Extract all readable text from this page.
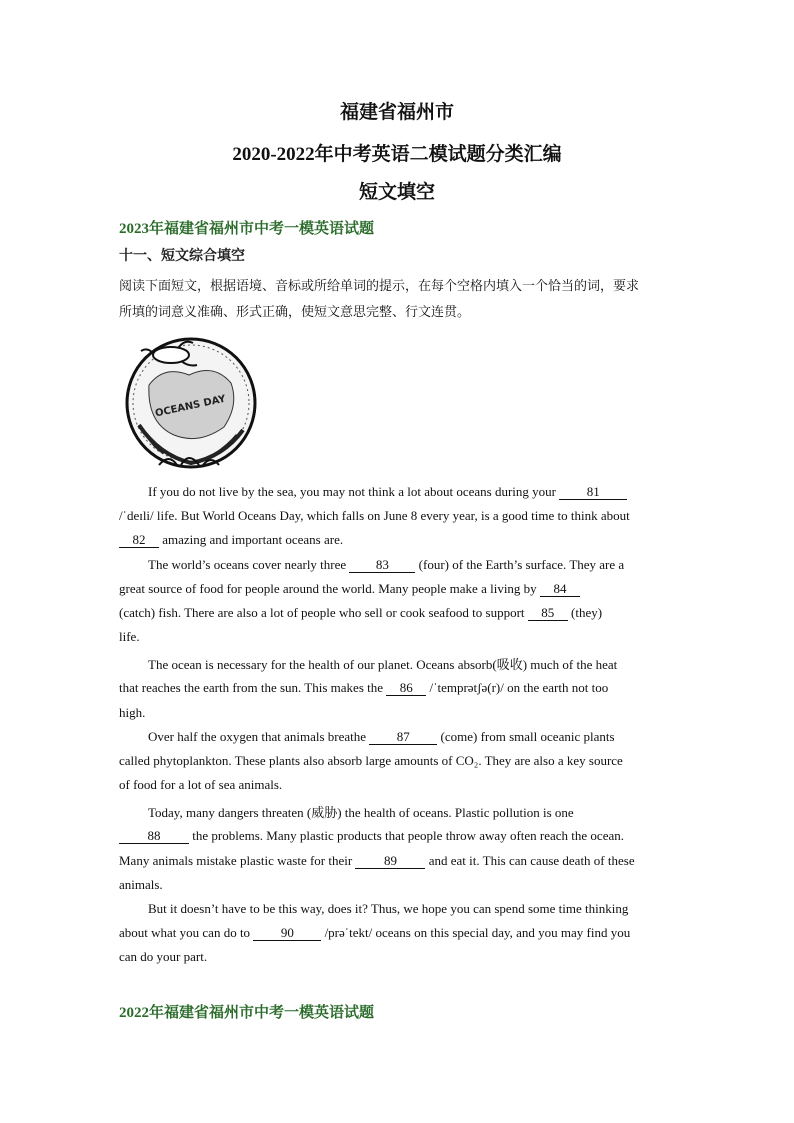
福建省福州市
2020-2022年中考英语二模试题分类汇编
短文填空
2023年福建省福州市中考一模英语试题
十一、短文综合填空
阅读下面短文，根据语境、音标或所给单词的提示，在每个空格内填入一个恰当的词，要求
所填的词意义准确、形式正确，使短文意思完整、行文连贯。
OCEANS DAY
If you do not live by the sea, you may not think a lot about oceans during your 81
/ˈdeɪli/ life. But World Oceans Day, which falls on June 8 every year, is a good time to think about
82 amazing and important oceans are.
The world’s oceans cover nearly three 83 (four) of the Earth’s surface. They are a
great source of food for people around the world. Many people make a living by 84
(catch) fish. There are also a lot of people who sell or cook seafood to support 85 (they)
life.
The ocean is necessary for the health of our planet. Oceans absorb(吸收) much of the heat
that reaches the earth from the sun. This makes the 86 /ˈtemprətʃə(r)/ on the earth not too
high.
Over half the oxygen that animals breathe 87 (come) from small oceanic plants
called phytoplankton. These plants also absorb large amounts of CO₂. They are also a key source
of food for a lot of sea animals.
Today, many dangers threaten (威胁) the health of oceans. Plastic pollution is one
88 the problems. Many plastic products that people throw away often reach the ocean.
Many animals mistake plastic waste for their 89 and eat it. This can cause death of these
animals.
But it doesn’t have to be this way, does it? Thus, we hope you can spend some time thinking
about what you can do to 90 /prəˈtekt/ oceans on this special day, and you may find you
can do your part.
2022年福建省福州市中考一模英语试题
